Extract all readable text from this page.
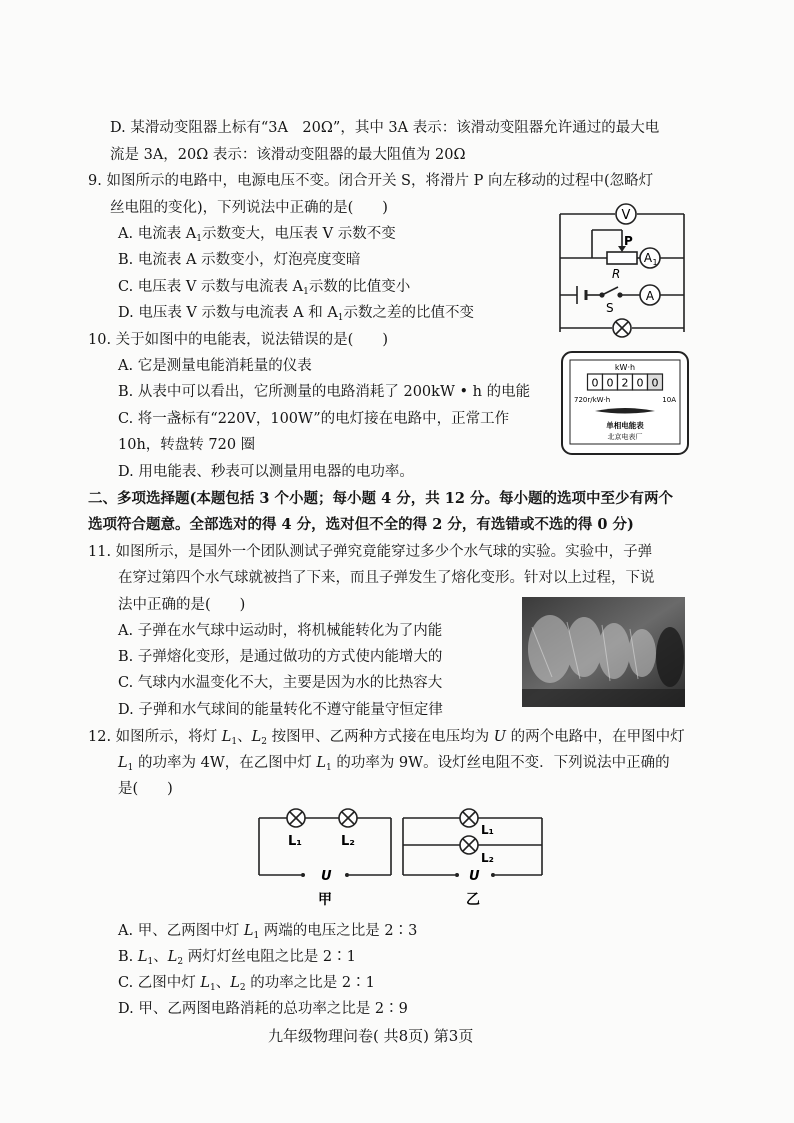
D. 某滑动变阻器上标有“3A　20Ω”，其中 3A 表示：该滑动变阻器允许通过的最大电
流是 3A，20Ω 表示：该滑动变阻器的最大阻值为 20Ω
9. 如图所示的电路中，电源电压不变。闭合开关 S，将滑片 P 向左移动的过程中(忽略灯
丝电阻的变化)，下列说法中正确的是(　　)
A. 电流表 $A_1$示数变大，电压表 V 示数不变
B. 电流表 A 示数变小，灯泡亮度变暗
C. 电压表 V 示数与电流表 $A_1$示数的比值变小
D. 电压表 V 示数与电流表 A 和 $A_1$示数之差的比值不变
V
P
R
A 1
S
A
10. 关于如图中的电能表，说法错误的是(　　)
A. 它是测量电能消耗量的仪表
B. 从表中可以看出，它所测量的电路消耗了 200kW • h 的电能
C. 将一盏标有“220V，100W”的电灯接在电路中，正常工作
10h，转盘转 720 圈
D. 用电能表、秒表可以测量用电器的电功率。
kW·h
0 0 2 0 0
720r/kW·h	10A
单相电能表
北京电表厂
二、多项选择题(本题包括 3 个小题；每小题 4 分，共 12 分。每小题的选项中至少有两个
选项符合题意。全部选对的得 4 分，选对但不全的得 2 分，有选错或不选的得 0 分)
11. 如图所示，是国外一个团队测试子弹究竟能穿过多少个水气球的实验。实验中，子弹
在穿过第四个水气球就被挡了下来，而且子弹发生了熔化变形。针对以上过程，下说
法中正确的是(　　)
A. 子弹在水气球中运动时，将机械能转化为了内能
B. 子弹熔化变形，是通过做功的方式使内能增大的
C. 气球内水温变化不大，主要是因为水的比热容大
D. 子弹和水气球间的能量转化不遵守能量守恒定律
12. 如图所示，将灯 $L_1$、$L_2$ 按图甲、乙两种方式接在电压均为 U 的两个电路中，在甲图中灯
$L_1$ 的功率为 4W，在乙图中灯 $L_1$ 的功率为 9W。设灯丝电阻不变．下列说法中正确的
是(　　)
L₁	L₂
U
甲
L₁
L₂
U
乙
A. 甲、乙两图中灯 $L_1$ 两端的电压之比是 2∶3
B. $L_1$、$L_2$ 两灯灯丝电阻之比是 2∶1
C. 乙图中灯 $L_1$、$L_2$ 的功率之比是 2∶1
D. 甲、乙两图电路消耗的总功率之比是 2∶9
九年级物理问卷( 共8页) 第3页
